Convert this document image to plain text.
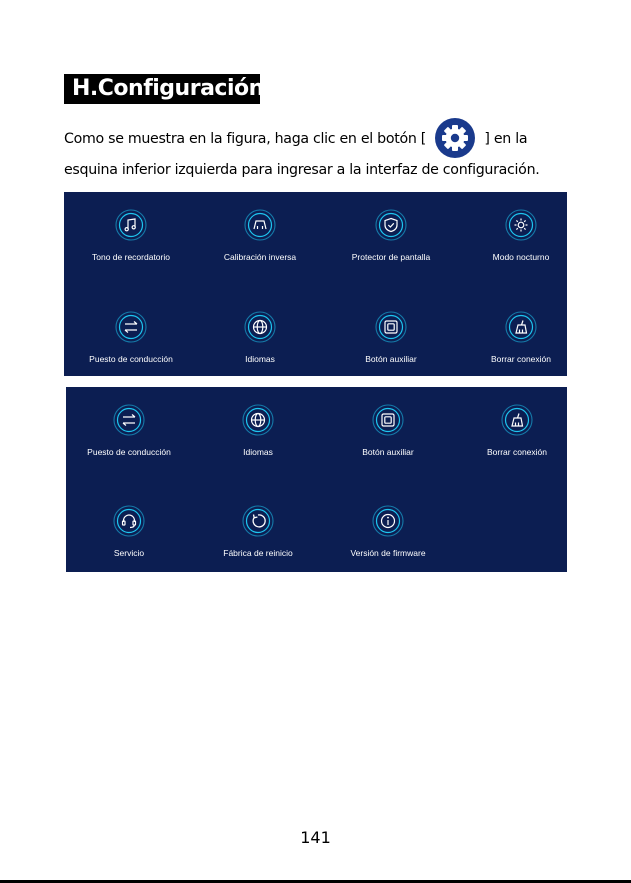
H.Configuración
Como se muestra en la figura, haga clic en el botón [	] en la esquina inferior izquierda para ingresar a la interfaz de configuración.
Tono de recordatorio	Calibración inversa	Protector de pantalla	Modo nocturno
Puesto de conducción	Idiomas	Botón auxiliar	Borrar conexión
Puesto de conducción	Idiomas	Botón auxiliar	Borrar conexión
Servicio	Fábrica de reinicio	Versión de firmware
141
